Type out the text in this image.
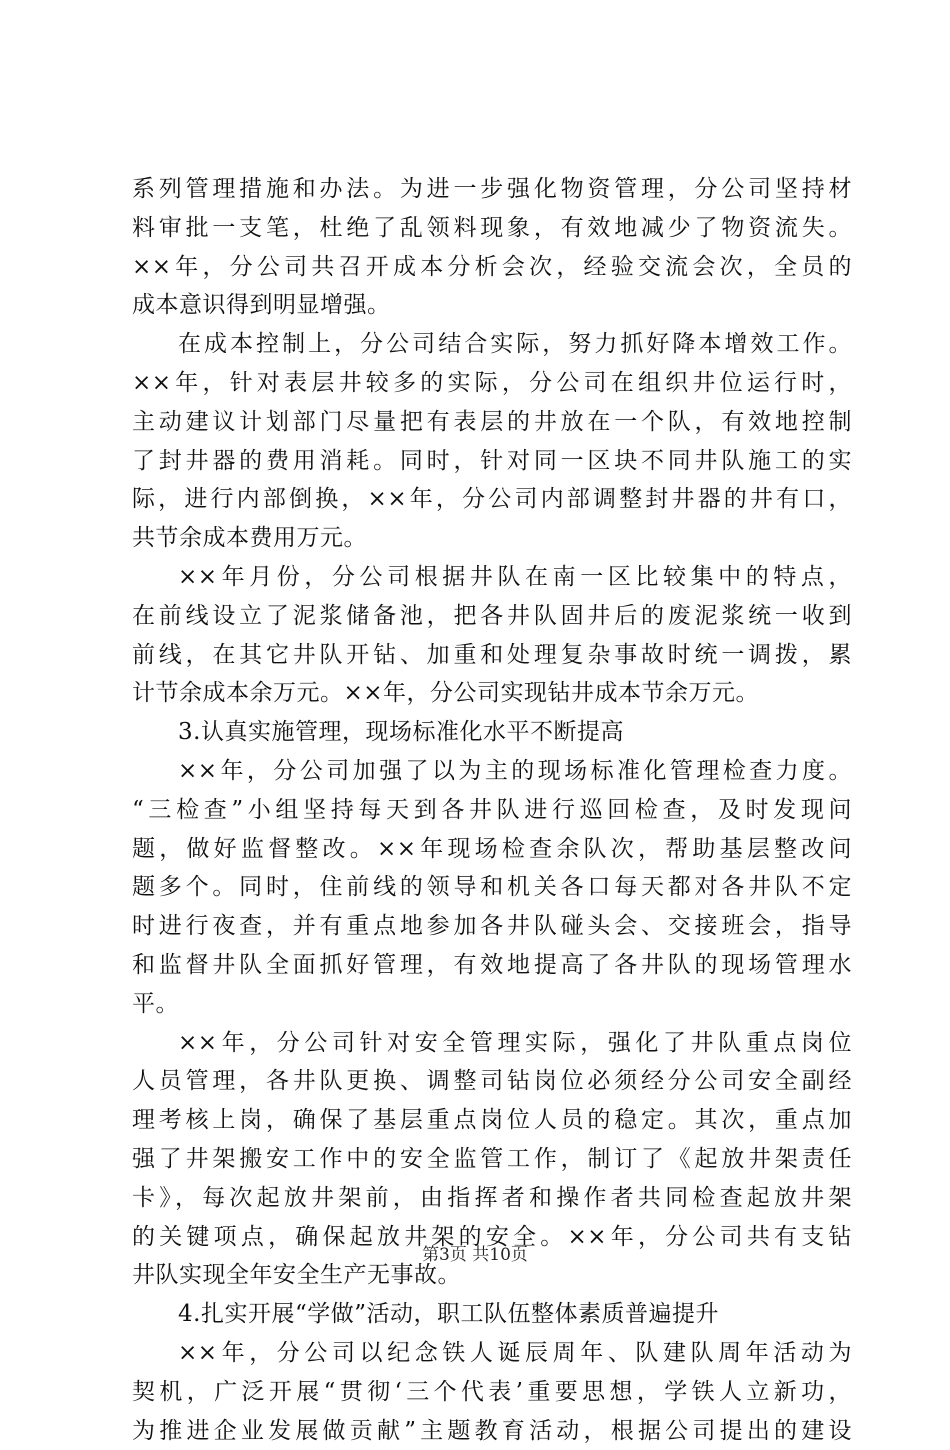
系列管理措施和办法。为进一步强化物资管理，分公司坚持材
料审批一支笔，杜绝了乱领料现象，有效地减少了物资流失。
××年，分公司共召开成本分析会次，经验交流会次，全员的
成本意识得到明显增强。
在成本控制上，分公司结合实际，努力抓好降本增效工作。
××年，针对表层井较多的实际，分公司在组织井位运行时，
主动建议计划部门尽量把有表层的井放在一个队，有效地控制
了封井器的费用消耗。同时，针对同一区块不同井队施工的实
际，进行内部倒换，××年，分公司内部调整封井器的井有口，
共节余成本费用万元。
××年月份，分公司根据井队在南一区比较集中的特点，
在前线设立了泥浆储备池，把各井队固井后的废泥浆统一收到
前线，在其它井队开钻、加重和处理复杂事故时统一调拨，累
计节余成本余万元。××年，分公司实现钻井成本节余万元。
3.认真实施管理，现场标准化水平不断提高
××年，分公司加强了以为主的现场标准化管理检查力度。
“三检查”小组坚持每天到各井队进行巡回检查，及时发现问
题，做好监督整改。××年现场检查余队次，帮助基层整改问
题多个。同时，住前线的领导和机关各口每天都对各井队不定
时进行夜查，并有重点地参加各井队碰头会、交接班会，指导
和监督井队全面抓好管理，有效地提高了各井队的现场管理水
平。
××年，分公司针对安全管理实际，强化了井队重点岗位
人员管理，各井队更换、调整司钻岗位必须经分公司安全副经
理考核上岗，确保了基层重点岗位人员的稳定。其次，重点加
强了井架搬安工作中的安全监管工作，制订了《起放井架责任
卡》，每次起放井架前，由指挥者和操作者共同检查起放井架
的关键项点，确保起放井架的安全。××年，分公司共有支钻
井队实现全年安全生产无事故。
4.扎实开展“学做”活动，职工队伍整体素质普遍提升
××年，分公司以纪念铁人诞辰周年、队建队周年活动为
契机，广泛开展“贯彻‘三个代表’重要思想，学铁人立新功，
为推进企业发展做贡献”主题教育活动，根据公司提出的建设
第3页 共10页
